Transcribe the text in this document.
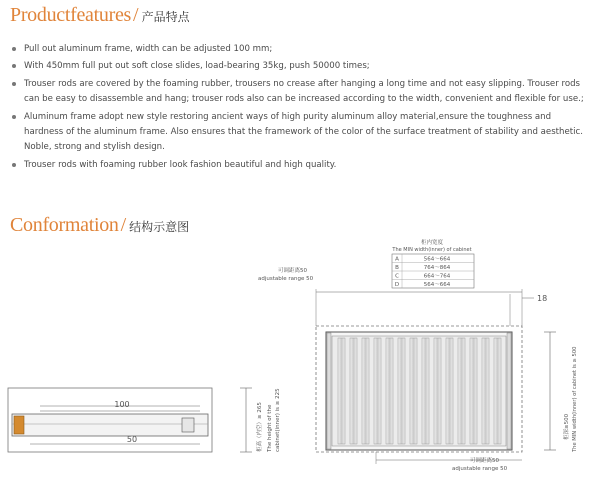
Productfeatures / 产品特点
Pull out aluminum frame, width can be adjusted 100 mm;
With 450mm full put out soft close slides, load-bearing 35kg, push 50000 times;
Trouser rods are covered by the foaming rubber, trousers no crease after hanging a long time and not easy slipping. Trouser rods can be easy to disassemble and hang; trouser rods also can be increased according to the width, convenient and flexible for use.;
Aluminum frame adopt new style restoring ancient ways of high purity aluminum alloy material,ensure the toughness and hardness of the aluminum frame. Also ensures that the framework of the color of the surface treatment of stability and aesthetic. Noble, strong and stylish design.
Trouser rods with foaming rubber look fashion beautiful and high quality.
Conformation / 结构示意图
100
50	柜高（内空）≥ 265 The height of the cabinet(inner) is ≥ 225
柜内宽度
The MIN width(inner) of cabinet
A	564～664
B	764～864
C	664～764
D	564～664
可调距离50
adjustable range 50
18
可调距离50
adjustable range 50
柜深≥500 The MIN width(inner) of cabinet is ≥ 500
